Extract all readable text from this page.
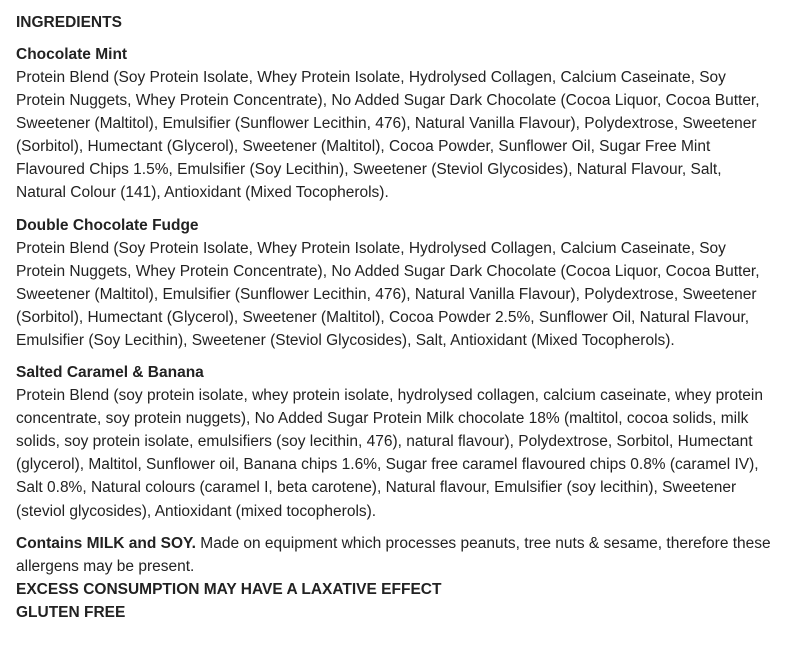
INGREDIENTS
Chocolate Mint
Protein Blend (Soy Protein Isolate, Whey Protein Isolate, Hydrolysed Collagen, Calcium Caseinate, Soy Protein Nuggets, Whey Protein Concentrate), No Added Sugar Dark Chocolate (Cocoa Liquor, Cocoa Butter, Sweetener (Maltitol), Emulsifier (Sunflower Lecithin, 476), Natural Vanilla Flavour), Polydextrose, Sweetener (Sorbitol), Humectant (Glycerol), Sweetener (Maltitol), Cocoa Powder, Sunflower Oil, Sugar Free Mint Flavoured Chips 1.5%, Emulsifier (Soy Lecithin), Sweetener (Steviol Glycosides), Natural Flavour, Salt, Natural Colour (141), Antioxidant (Mixed Tocopherols).
Double Chocolate Fudge
Protein Blend (Soy Protein Isolate, Whey Protein Isolate, Hydrolysed Collagen, Calcium Caseinate, Soy Protein Nuggets, Whey Protein Concentrate), No Added Sugar Dark Chocolate (Cocoa Liquor, Cocoa Butter, Sweetener (Maltitol), Emulsifier (Sunflower Lecithin, 476), Natural Vanilla Flavour), Polydextrose, Sweetener (Sorbitol), Humectant (Glycerol), Sweetener (Maltitol), Cocoa Powder 2.5%, Sunflower Oil, Natural Flavour, Emulsifier (Soy Lecithin), Sweetener (Steviol Glycosides), Salt, Antioxidant (Mixed Tocopherols).
Salted Caramel & Banana
Protein Blend (soy protein isolate, whey protein isolate, hydrolysed collagen, calcium caseinate, whey protein concentrate, soy protein nuggets), No Added Sugar Protein Milk chocolate 18% (maltitol, cocoa solids, milk solids, soy protein isolate, emulsifiers (soy lecithin, 476), natural flavour), Polydextrose, Sorbitol, Humectant (glycerol), Maltitol, Sunflower oil, Banana chips 1.6%, Sugar free caramel flavoured chips 0.8% (caramel IV), Salt 0.8%, Natural colours (caramel I, beta carotene), Natural flavour, Emulsifier (soy lecithin), Sweetener (steviol glycosides), Antioxidant (mixed tocopherols).
Contains MILK and SOY. Made on equipment which processes peanuts, tree nuts & sesame, therefore these allergens may be present.
EXCESS CONSUMPTION MAY HAVE A LAXATIVE EFFECT
GLUTEN FREE
